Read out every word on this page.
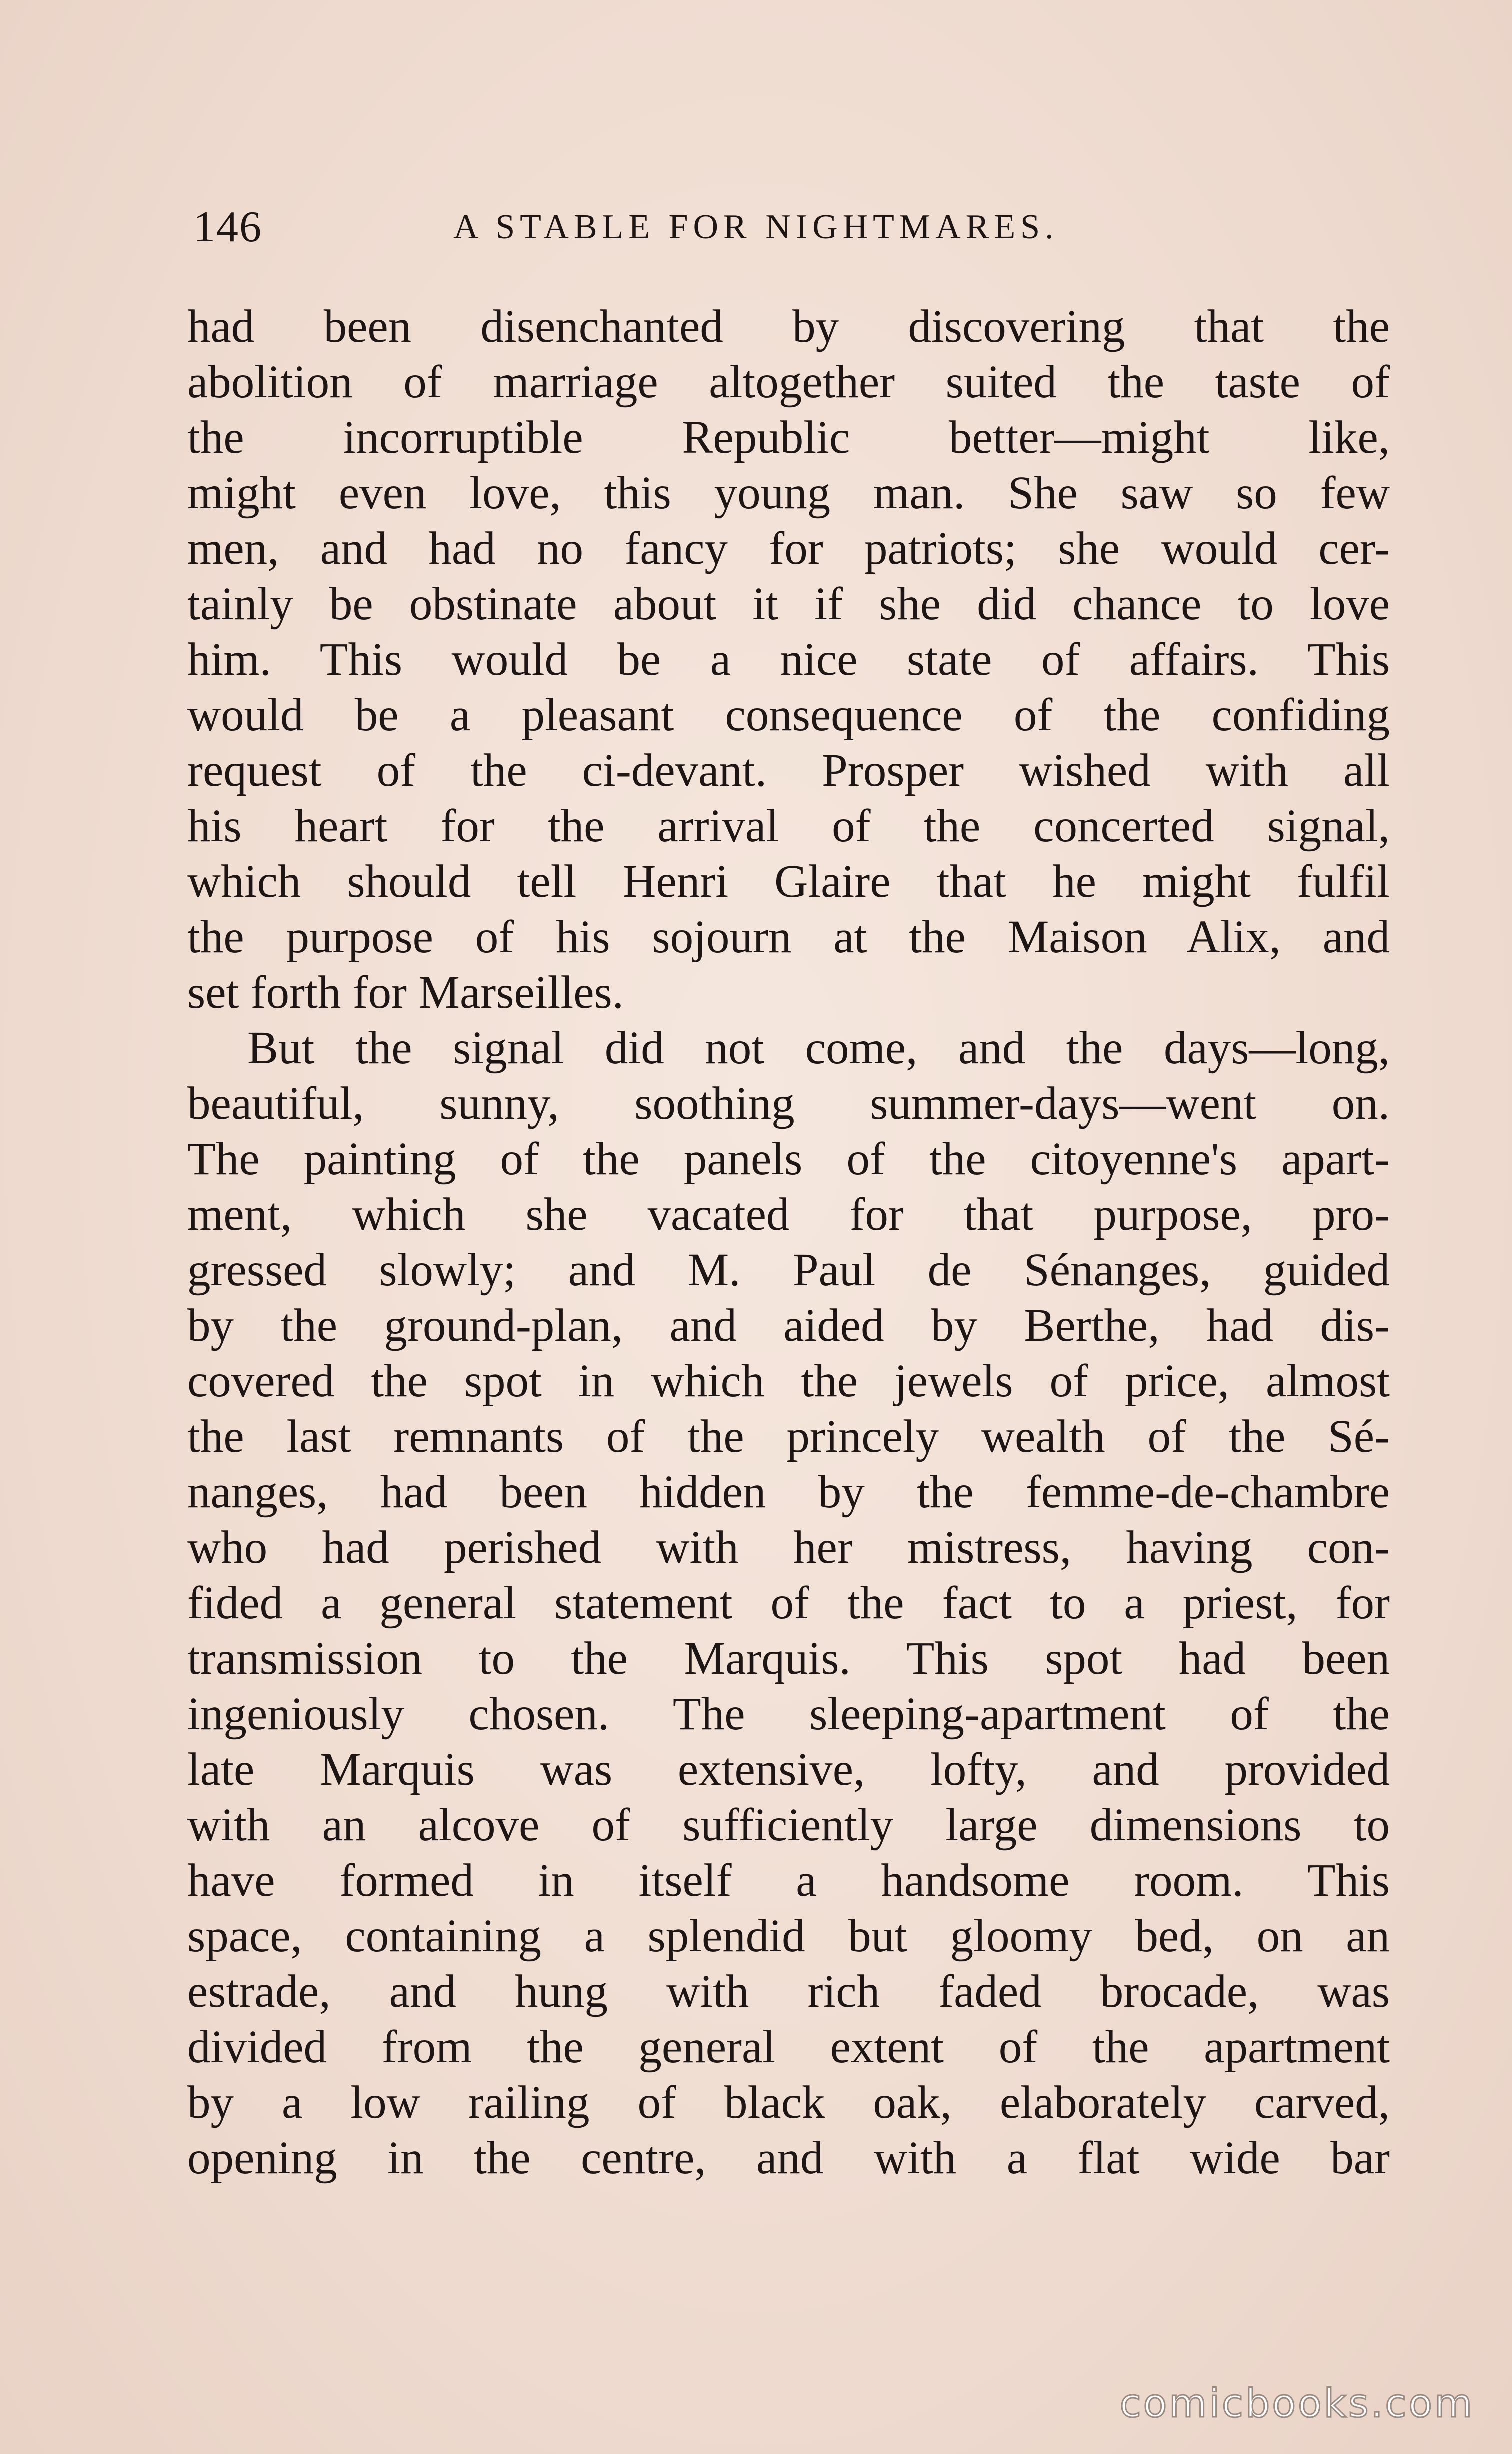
146	A STABLE FOR NIGHTMARES.
had been disenchanted by discovering that the
abolition of marriage altogether suited the taste of
the incorruptible Republic better—might like,
might even love, this young man. She saw so few
men, and had no fancy for patriots; she would cer-
tainly be obstinate about it if she did chance to love
him. This would be a nice state of affairs. This
would be a pleasant consequence of the confiding
request of the ci-devant. Prosper wished with all
his heart for the arrival of the concerted signal,
which should tell Henri Glaire that he might fulfil
the purpose of his sojourn at the Maison Alix, and
set forth for Marseilles.
But the signal did not come, and the days—long,
beautiful, sunny, soothing summer-days—went on.
The painting of the panels of the citoyenne's apart-
ment, which she vacated for that purpose, pro-
gressed slowly; and M. Paul de Sénanges, guided
by the ground-plan, and aided by Berthe, had dis-
covered the spot in which the jewels of price, almost
the last remnants of the princely wealth of the Sé-
nanges, had been hidden by the femme-de-chambre
who had perished with her mistress, having con-
fided a general statement of the fact to a priest, for
transmission to the Marquis. This spot had been
ingeniously chosen. The sleeping-apartment of the
late Marquis was extensive, lofty, and provided
with an alcove of sufficiently large dimensions to
have formed in itself a handsome room. This
space, containing a splendid but gloomy bed, on an
estrade, and hung with rich faded brocade, was
divided from the general extent of the apartment
by a low railing of black oak, elaborately carved,
opening in the centre, and with a flat wide bar
comicbooks.com
